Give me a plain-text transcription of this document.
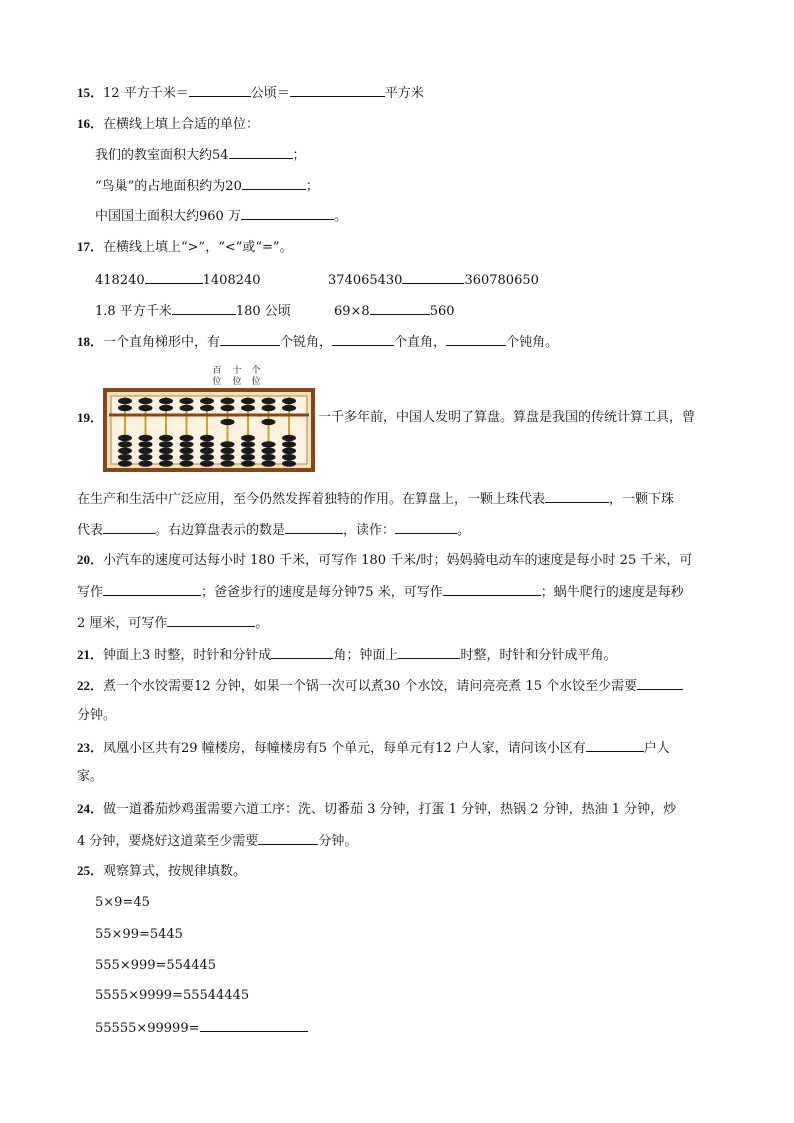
15．12 平方千米＝	公顷＝	平方米
16．在横线上填上合适的单位：
我们的教室面积大约54	；
“鸟巢”的占地面积约为20	；
中国国土面积大约960 万	。
17．在横线上填上“>”，“<”或“=”。
418240	1408240	374065430	360780650
1.8 平方千米	180 公顷	69×8	560
18．一个直角梯形中，有	个锐角，	个直角，	个钝角。
19．
百
位
十
位
个
位
一千多年前，中国人发明了算盘。算盘是我国的传统计算工具，曾
在生产和生活中广泛应用，至今仍然发挥着独特的作用。在算盘上，一颗上珠代表	，一颗下珠
代表	。右边算盘表示的数是	，读作：	。
20．小汽车的速度可达每小时 180 千米，可写作 180 千米/时；妈妈骑电动车的速度是每小时 25 千米，可
写作	；爸爸步行的速度是每分钟75 米，可写作	；蜗牛爬行的速度是每秒
2 厘米，可写作	。
21．钟面上3 时整，时针和分针成	角；钟面上	时整，时针和分针成平角。
22．煮一个水饺需要12 分钟，如果一个锅一次可以煮30 个水饺，请问亮亮煮 15 个水饺至少需要
分钟。
23．凤凰小区共有29 幢楼房，每幢楼房有5 个单元，每单元有12 户人家，请问该小区有	户人
家。
24．做一道番茄炒鸡蛋需要六道工序：洗、切番茄 3 分钟，打蛋 1 分钟，热锅 2 分钟，热油 1 分钟，炒
4 分钟，要烧好这道菜至少需要	分钟。
25．观察算式，按规律填数。
5×9=45
55×99=5445
555×999=554445
5555×9999=55544445
55555×99999=
